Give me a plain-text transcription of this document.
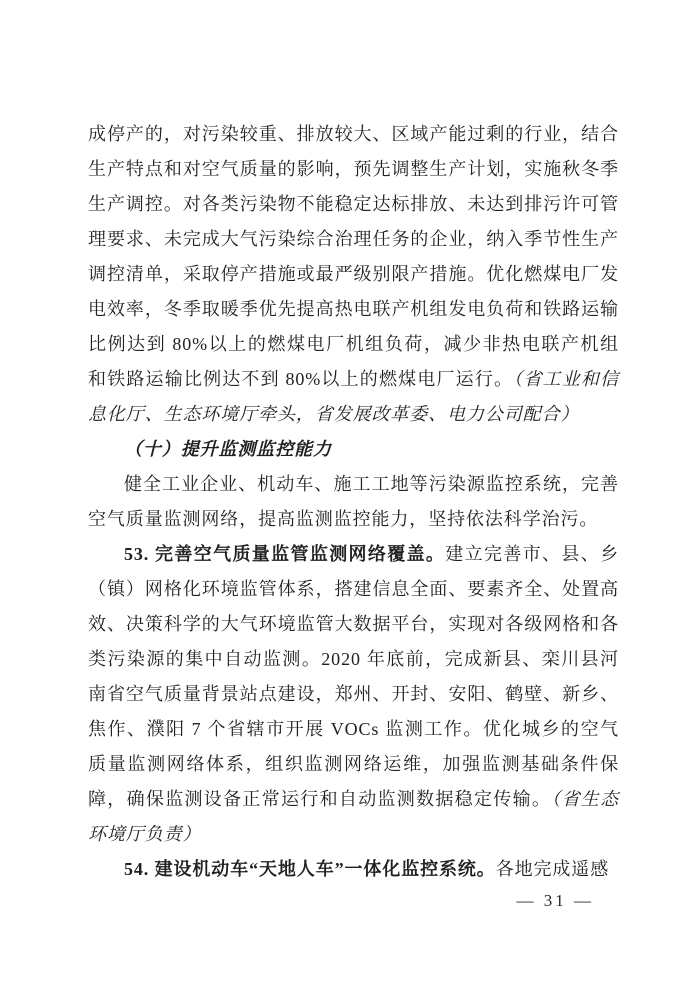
成停产的，对污染较重、排放较大、区域产能过剩的行业，结合生产特点和对空气质量的影响，预先调整生产计划，实施秋冬季生产调控。对各类污染物不能稳定达标排放、未达到排污许可管理要求、未完成大气污染综合治理任务的企业，纳入季节性生产调控清单，采取停产措施或最严级别限产措施。优化燃煤电厂发电效率，冬季取暖季优先提高热电联产机组发电负荷和铁路运输比例达到 80%以上的燃煤电厂机组负荷，减少非热电联产机组和铁路运输比例达不到 80%以上的燃煤电厂运行。（省工业和信息化厅、生态环境厅牵头，省发展改革委、电力公司配合）

（十）提升监测监控能力

健全工业企业、机动车、施工工地等污染源监控系统，完善空气质量监测网络，提高监测监控能力，坚持依法科学治污。

53. 完善空气质量监管监测网络覆盖。建立完善市、县、乡（镇）网格化环境监管体系，搭建信息全面、要素齐全、处置高效、决策科学的大气环境监管大数据平台，实现对各级网格和各类污染源的集中自动监测。2020 年底前，完成新县、栾川县河南省空气质量背景站点建设，郑州、开封、安阳、鹤壁、新乡、焦作、濮阳 7 个省辖市开展 VOCs 监测工作。优化城乡的空气质量监测网络体系，组织监测网络运维，加强监测基础条件保障，确保监测设备正常运行和自动监测数据稳定传输。（省生态环境厅负责）

54. 建设机动车“天地人车”一体化监控系统。各地完成遥感

— 31 —
